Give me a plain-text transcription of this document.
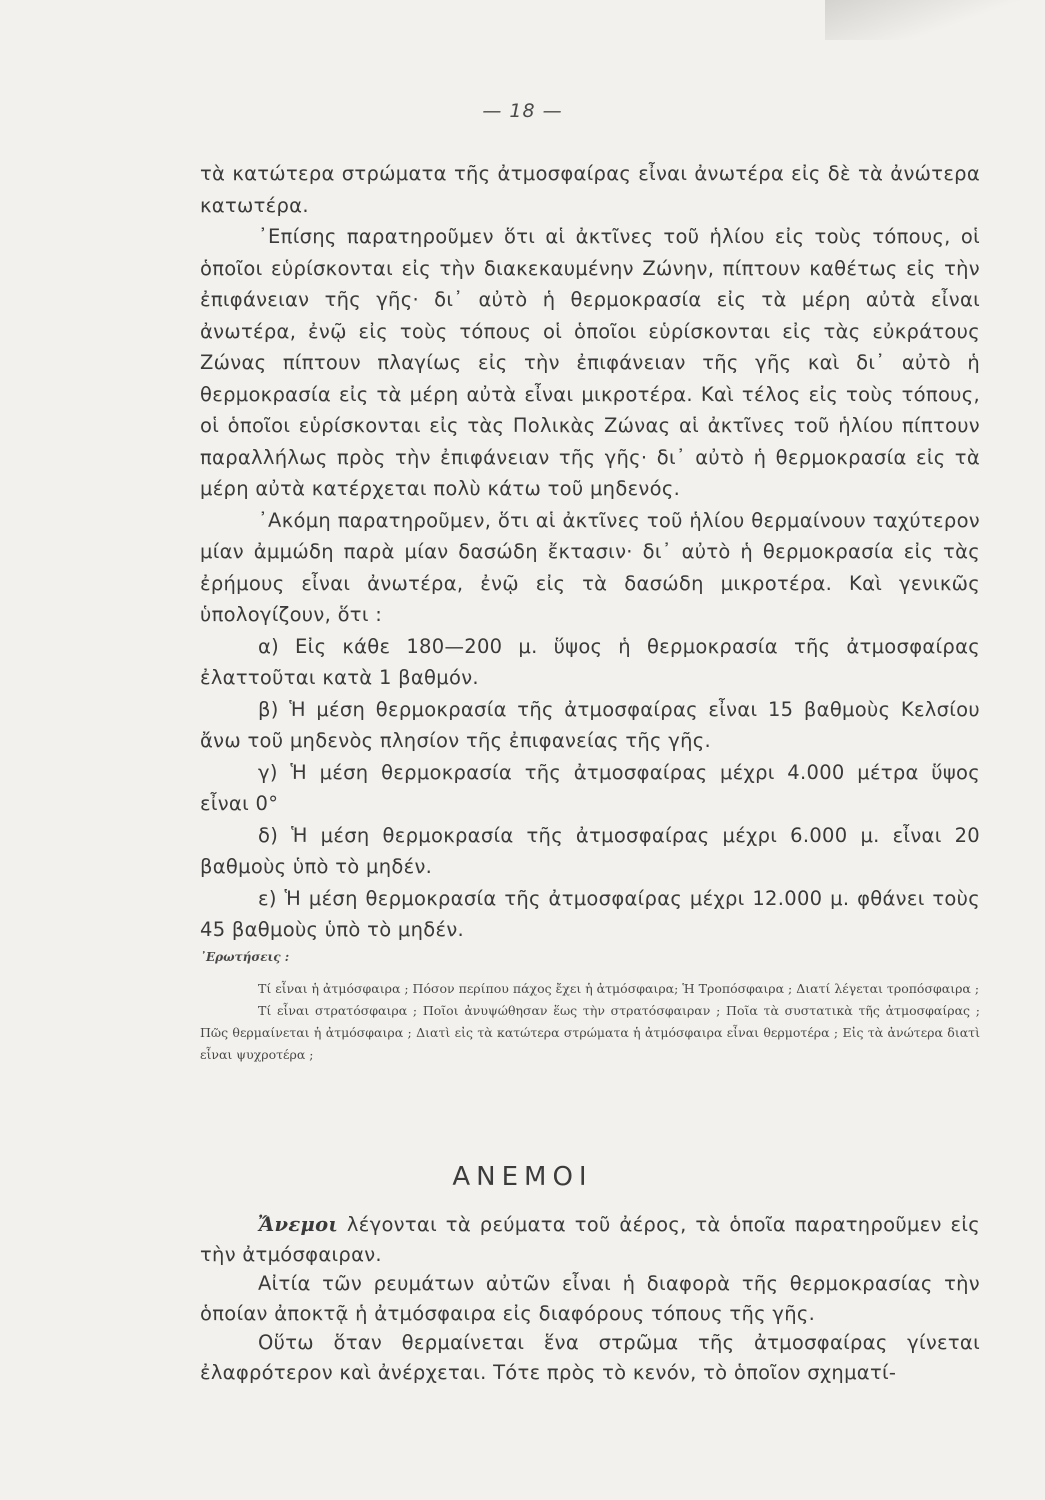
— 18 —

τὰ κατώτερα στρώματα τῆς ἀτμοσφαίρας εἶναι ἀνωτέρα εἰς δὲ τὰ ἀνώτερα κατωτέρα.

᾿Επίσης παρατηροῦμεν ὅτι αἱ ἀκτῖνες τοῦ ἡλίου εἰς τοὺς τόπους, οἱ ὁποῖοι εὑρίσκονται εἰς τὴν διακεκαυμένην Ζώνην, πίπτουν καθέτως εἰς τὴν ἐπιφάνειαν τῆς γῆς· δι᾿ αὐτὸ ἡ θερμοκρασία εἰς τὰ μέρη αὐτὰ εἶναι ἀνωτέρα, ἐνῷ εἰς τοὺς τόπους οἱ ὁποῖοι εὑρίσκονται εἰς τὰς εὐκράτους Ζώνας πίπτουν πλαγίως εἰς τὴν ἐπιφάνειαν τῆς γῆς καὶ δι᾿ αὐτὸ ἡ θερμοκρασία εἰς τὰ μέρη αὐτὰ εἶναι μικροτέρα. Καὶ τέλος εἰς τοὺς τόπους, οἱ ὁποῖοι εὑρίσκονται εἰς τὰς Πολικὰς Ζώνας αἱ ἀκτῖνες τοῦ ἡλίου πίπτουν παραλλήλως πρὸς τὴν ἐπιφάνειαν τῆς γῆς· δι᾿ αὐτὸ ἡ θερμοκρασία εἰς τὰ μέρη αὐτὰ κατέρχεται πολὺ κάτω τοῦ μηδενός.

᾿Ακόμη παρατηροῦμεν, ὅτι αἱ ἀκτῖνες τοῦ ἡλίου θερμαίνουν ταχύτερον μίαν ἀμμώδη παρὰ μίαν δασώδη ἔκτασιν· δι᾿ αὐτὸ ἡ θερμοκρασία εἰς τὰς ἐρήμους εἶναι ἀνωτέρα, ἐνῷ εἰς τὰ δασώδη μικροτέρα. Καὶ γενικῶς ὑπολογίζουν, ὅτι :

α) Εἰς κάθε 180—200 μ. ὕψος ἡ θερμοκρασία τῆς ἀτμοσφαίρας ἐλαττοῦται κατὰ 1 βαθμόν.

β) Ἡ μέση θερμοκρασία τῆς ἀτμοσφαίρας εἶναι 15 βαθμοὺς Κελσίου ἄνω τοῦ μηδενὸς πλησίον τῆς ἐπιφανείας τῆς γῆς.

γ) Ἡ μέση θερμοκρασία τῆς ἀτμοσφαίρας μέχρι 4.000 μέτρα ὕψος εἶναι 0°

δ) Ἡ μέση θερμοκρασία τῆς ἀτμοσφαίρας μέχρι 6.000 μ. εἶναι 20 βαθμοὺς ὑπὸ τὸ μηδέν.

ε) Ἡ μέση θερμοκρασία τῆς ἀτμοσφαίρας μέχρι 12.000 μ. φθάνει τοὺς 45 βαθμοὺς ὑπὸ τὸ μηδέν.

᾿Ερωτήσεις :

Τί εἶναι ἡ ἀτμόσφαιρα ; Πόσον περίπου πάχος ἔχει ἡ ἀτμόσφαιρα; Ἡ Τροπόσφαιρα ; Διατί λέγεται τροπόσφαιρα ;

Τί εἶναι στρατόσφαιρα ; Ποῖοι ἀνυψώθησαν ἕως τὴν στρατόσφαιραν ; Ποῖα τὰ συστατικὰ τῆς ἀτμοσφαίρας ; Πῶς θερμαίνεται ἡ ἀτμόσφαιρα ; Διατὶ εἰς τὰ κατώτερα στρώματα ἡ ἀτμόσφαιρα εἶναι θερμοτέρα ; Εἰς τὰ ἀνώτερα διατὶ εἶναι ψυχροτέρα ;

ΑΝΕΜΟΙ

Ἄνεμοι λέγονται τὰ ρεύματα τοῦ ἀέρος, τὰ ὁποῖα παρατηροῦμεν εἰς τὴν ἀτμόσφαιραν.

Αἰτία τῶν ρευμάτων αὐτῶν εἶναι ἡ διαφορὰ τῆς θερμοκρασίας τὴν ὁποίαν ἀποκτᾷ ἡ ἀτμόσφαιρα εἰς διαφόρους τόπους τῆς γῆς.

Οὕτω ὅταν θερμαίνεται ἕνα στρῶμα τῆς ἀτμοσφαίρας γίνεται ἐλαφρότερον καὶ ἀνέρχεται. Τότε πρὸς τὸ κενόν, τὸ ὁποῖον σχηματί-
